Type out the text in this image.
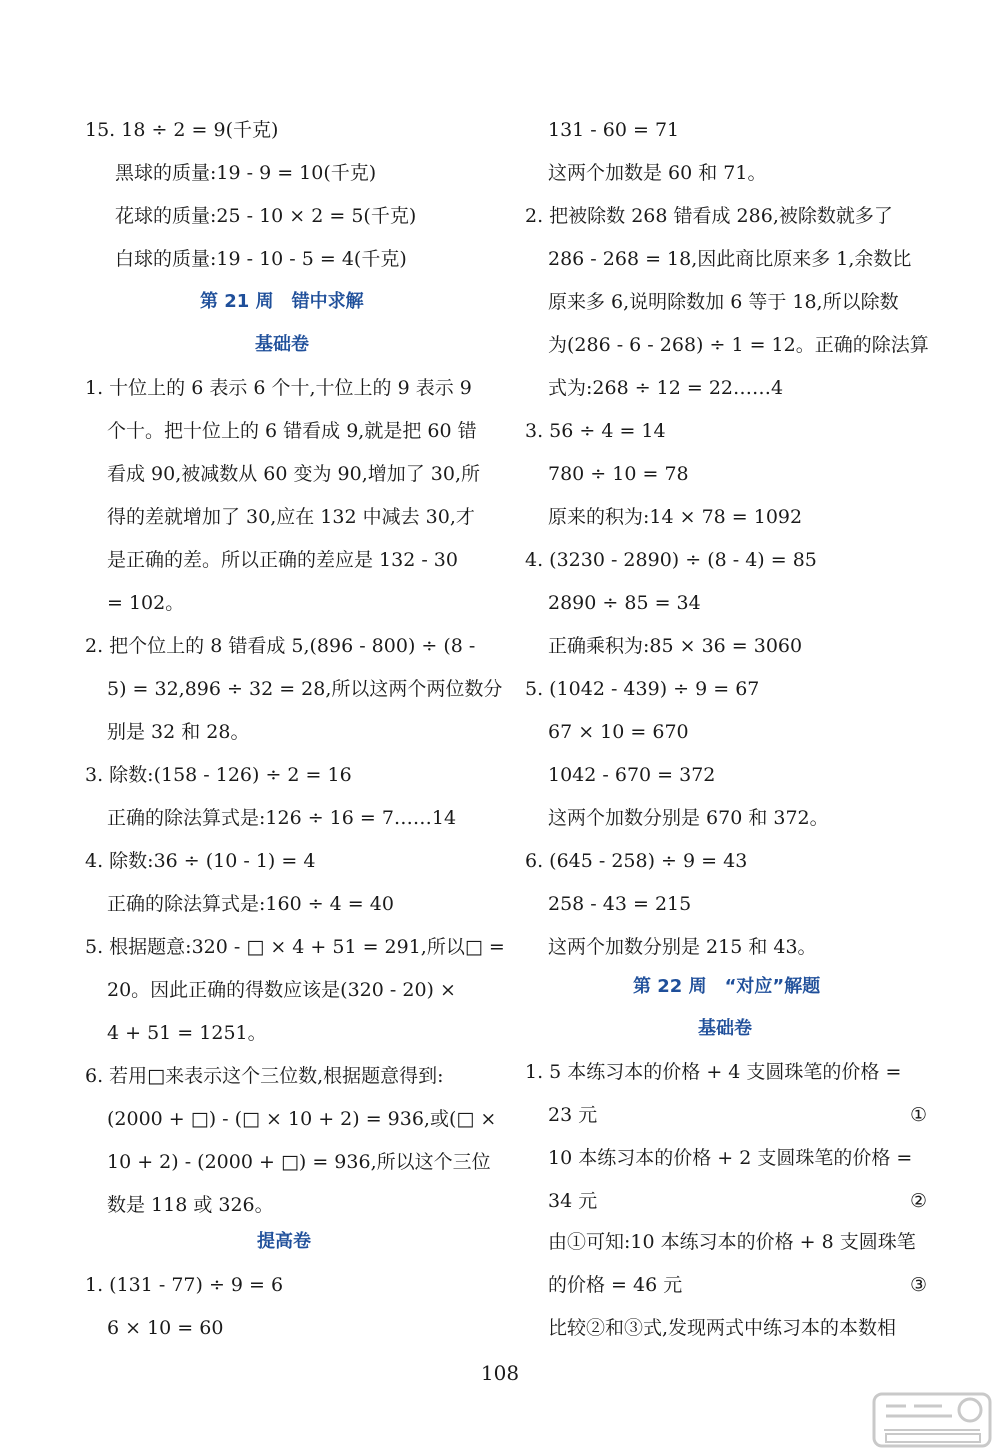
15. 18 ÷ 2 = 9(千克)
黑球的质量:19 - 9 = 10(千克)
花球的质量:25 - 10 × 2 = 5(千克)
白球的质量:19 - 10 - 5 = 4(千克)
第 21 周　错中求解
基础卷
1. 十位上的 6 表示 6 个十,十位上的 9 表示 9
个十。把十位上的 6 错看成 9,就是把 60 错
看成 90,被减数从 60 变为 90,增加了 30,所
得的差就增加了 30,应在 132 中减去 30,才
是正确的差。所以正确的差应是 132 - 30
= 102。
2. 把个位上的 8 错看成 5,(896 - 800) ÷ (8 -
5) = 32,896 ÷ 32 = 28,所以这两个两位数分
别是 32 和 28。
3. 除数:(158 - 126) ÷ 2 = 16
正确的除法算式是:126 ÷ 16 = 7……14
4. 除数:36 ÷ (10 - 1) = 4
正确的除法算式是:160 ÷ 4 = 40
5. 根据题意:320 - □ × 4 + 51 = 291,所以□ =
20。因此正确的得数应该是(320 - 20) ×
4 + 51 = 1251。
6. 若用□来表示这个三位数,根据题意得到:
(2000 + □) - (□ × 10 + 2) = 936,或(□ ×
10 + 2) - (2000 + □) = 936,所以这个三位
数是 118 或 326。
提高卷
1. (131 - 77) ÷ 9 = 6
6 × 10 = 60
131 - 60 = 71
这两个加数是 60 和 71。
2. 把被除数 268 错看成 286,被除数就多了
286 - 268 = 18,因此商比原来多 1,余数比
原来多 6,说明除数加 6 等于 18,所以除数
为(286 - 6 - 268) ÷ 1 = 12。正确的除法算
式为:268 ÷ 12 = 22……4
3. 56 ÷ 4 = 14
780 ÷ 10 = 78
原来的积为:14 × 78 = 1092
4. (3230 - 2890) ÷ (8 - 4) = 85
2890 ÷ 85 = 34
正确乘积为:85 × 36 = 3060
5. (1042 - 439) ÷ 9 = 67
67 × 10 = 670
1042 - 670 = 372
这两个加数分别是 670 和 372。
6. (645 - 258) ÷ 9 = 43
258 - 43 = 215
这两个加数分别是 215 和 43。
第 22 周　“对应”解题
基础卷
1. 5 本练习本的价格 + 4 支圆珠笔的价格 =
23 元	①
10 本练习本的价格 + 2 支圆珠笔的价格 =
34 元	②
由①可知:10 本练习本的价格 + 8 支圆珠笔
的价格 = 46 元	③
比较②和③式,发现两式中练习本的本数相
108
